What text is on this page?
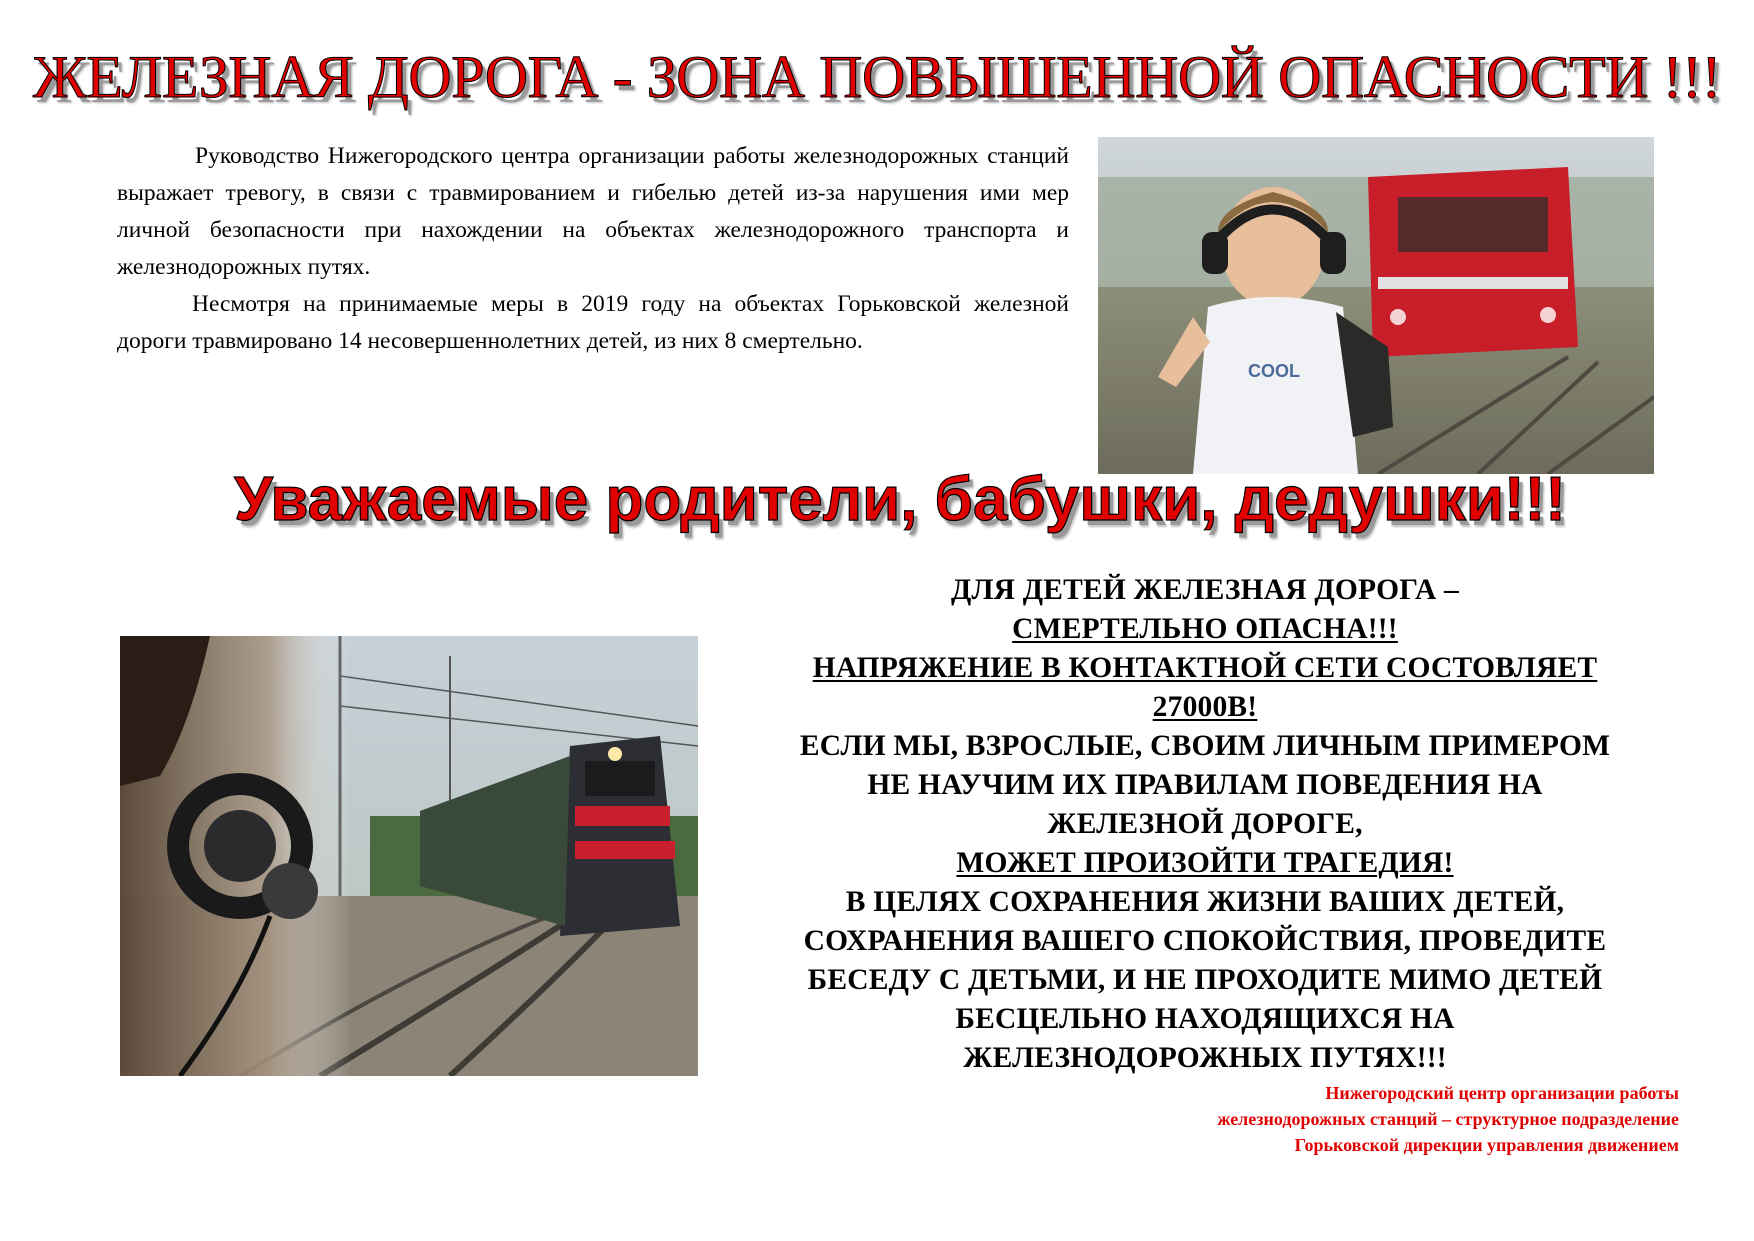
ЖЕЛЕЗНАЯ ДОРОГА - ЗОНА ПОВЫШЕННОЙ ОПАСНОСТИ !!!

Руководство Нижегородского центра организации работы железнодорожных станций выражает тревогу, в связи с травмированием и гибелью детей из-за нарушения ими мер личной безопасности при нахождении на объектах железнодорожного транспорта и железнодорожных путях.

Несмотря на принимаемые меры в 2019 году на объектах Горьковской железной дороги травмировано 14 несовершеннолетних детей, из них 8 смертельно.

COOL
Уважаемые родители, бабушки, дедушки!!!
ДЛЯ ДЕТЕЙ ЖЕЛЕЗНАЯ ДОРОГА –
СМЕРТЕЛЬНО ОПАСНА!!!
НАПРЯЖЕНИЕ В КОНТАКТНОЙ СЕТИ СОСТОВЛЯЕТ
27000В!
ЕСЛИ МЫ, ВЗРОСЛЫЕ, СВОИМ ЛИЧНЫМ ПРИМЕРОМ
НЕ НАУЧИМ ИХ ПРАВИЛАМ ПОВЕДЕНИЯ НА
ЖЕЛЕЗНОЙ ДОРОГЕ,
МОЖЕТ ПРОИЗОЙТИ ТРАГЕДИЯ!
В ЦЕЛЯХ СОХРАНЕНИЯ ЖИЗНИ ВАШИХ ДЕТЕЙ,
СОХРАНЕНИЯ ВАШЕГО СПОКОЙСТВИЯ, ПРОВЕДИТЕ
БЕСЕДУ С ДЕТЬМИ, И НЕ ПРОХОДИТЕ МИМО ДЕТЕЙ
БЕСЦЕЛЬНО НАХОДЯЩИХСЯ НА
ЖЕЛЕЗНОДОРОЖНЫХ ПУТЯХ!!!
Нижегородский центр организации работы
железнодорожных станций – структурное подразделение
Горьковской дирекции управления движением
